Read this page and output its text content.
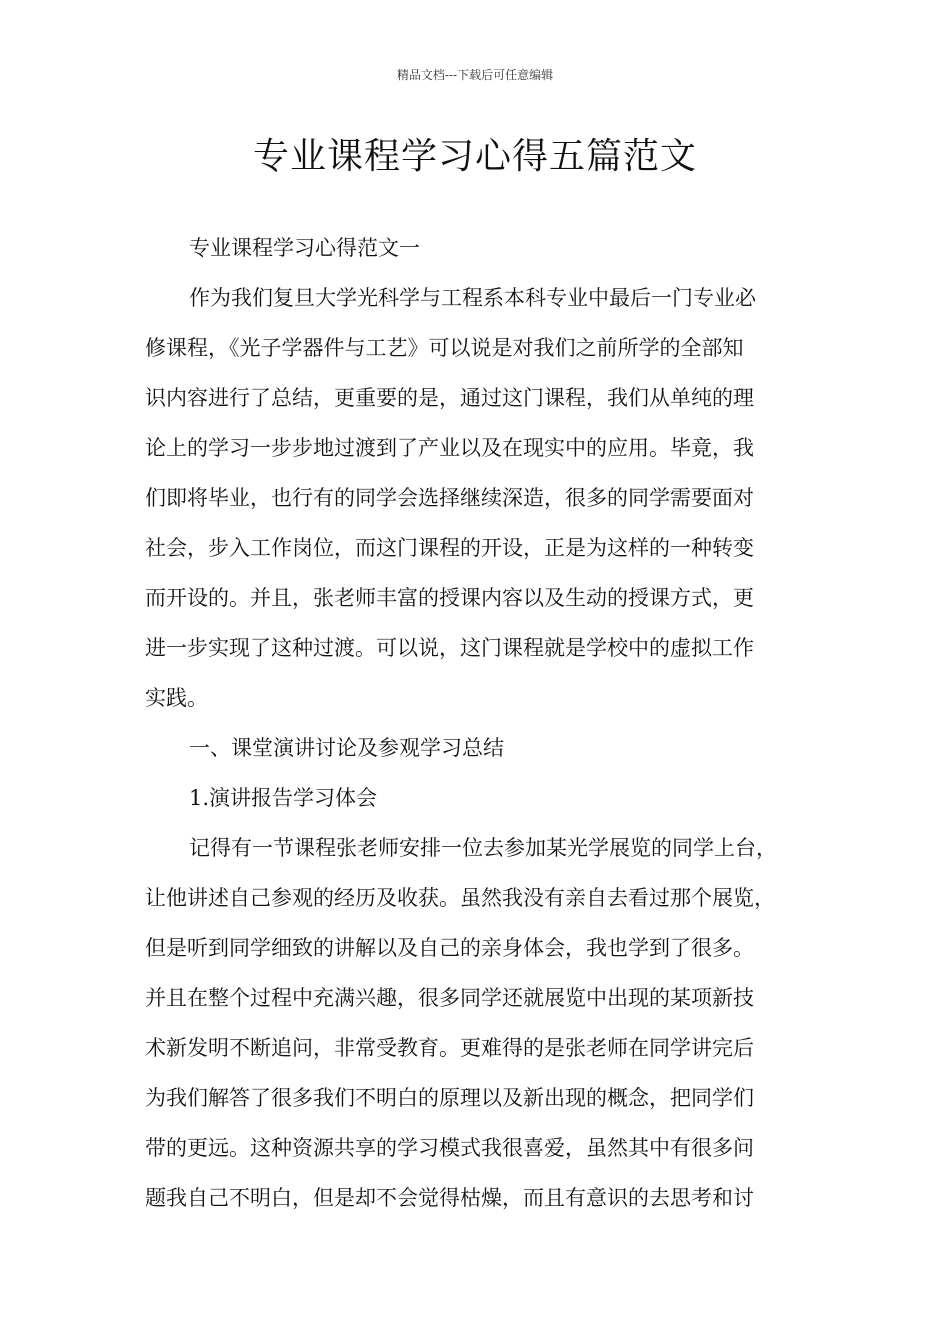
精品文档---下载后可任意编辑
专业课程学习心得五篇范文
专业课程学习心得范文一
作为我们复旦大学光科学与工程系本科专业中最后一门专业必
修课程，《光子学器件与工艺》可以说是对我们之前所学的全部知
识内容进行了总结，更重要的是，通过这门课程，我们从单纯的理
论上的学习一步步地过渡到了产业以及在现实中的应用。毕竟，我
们即将毕业，也行有的同学会选择继续深造，很多的同学需要面对
社会，步入工作岗位，而这门课程的开设，正是为这样的一种转变
而开设的。并且，张老师丰富的授课内容以及生动的授课方式，更
进一步实现了这种过渡。可以说，这门课程就是学校中的虚拟工作
实践。
一、课堂演讲讨论及参观学习总结
1.演讲报告学习体会
记得有一节课程张老师安排一位去参加某光学展览的同学上台，
让他讲述自己参观的经历及收获。虽然我没有亲自去看过那个展览，
但是听到同学细致的讲解以及自己的亲身体会，我也学到了很多。
并且在整个过程中充满兴趣，很多同学还就展览中出现的某项新技
术新发明不断追问，非常受教育。更难得的是张老师在同学讲完后
为我们解答了很多我们不明白的原理以及新出现的概念，把同学们
带的更远。这种资源共享的学习模式我很喜爱，虽然其中有很多问
题我自己不明白，但是却不会觉得枯燥，而且有意识的去思考和讨
